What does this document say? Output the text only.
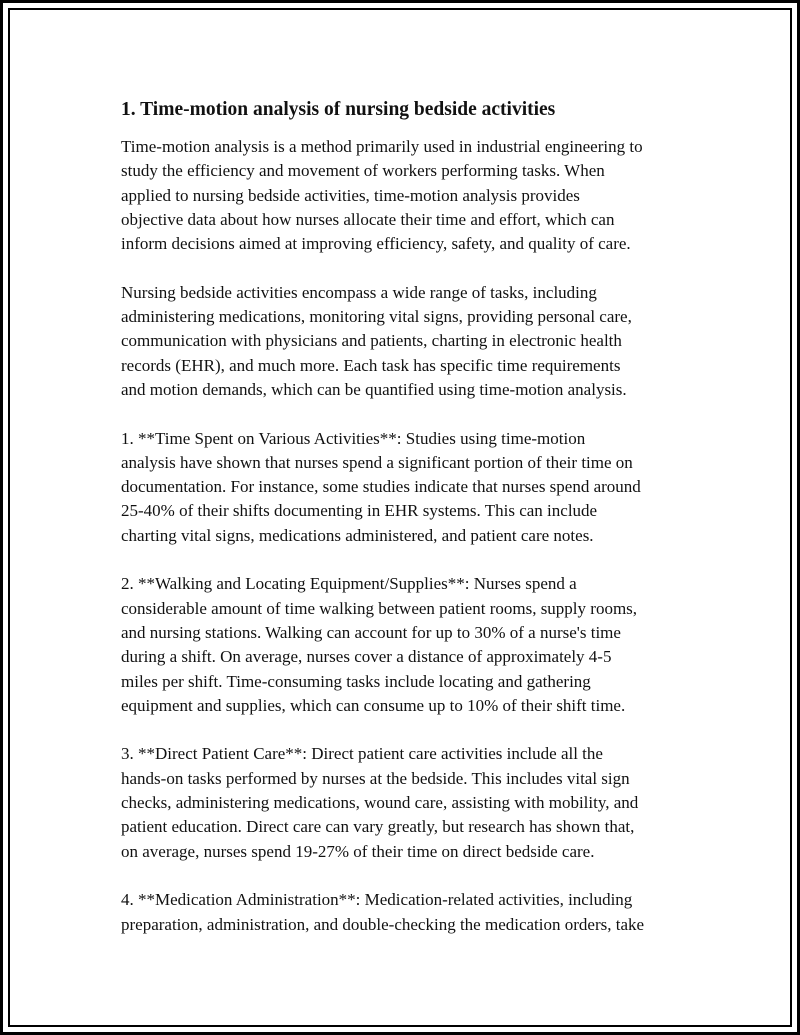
1. Time-motion analysis of nursing bedside activities

Time-motion analysis is a method primarily used in industrial engineering to
study the efficiency and movement of workers performing tasks. When
applied to nursing bedside activities, time-motion analysis provides
objective data about how nurses allocate their time and effort, which can
inform decisions aimed at improving efficiency, safety, and quality of care.

Nursing bedside activities encompass a wide range of tasks, including
administering medications, monitoring vital signs, providing personal care,
communication with physicians and patients, charting in electronic health
records (EHR), and much more. Each task has specific time requirements
and motion demands, which can be quantified using time-motion analysis.

1. **Time Spent on Various Activities**: Studies using time-motion
analysis have shown that nurses spend a significant portion of their time on
documentation. For instance, some studies indicate that nurses spend around
25-40% of their shifts documenting in EHR systems. This can include
charting vital signs, medications administered, and patient care notes.

2. **Walking and Locating Equipment/Supplies**: Nurses spend a
considerable amount of time walking between patient rooms, supply rooms,
and nursing stations. Walking can account for up to 30% of a nurse's time
during a shift. On average, nurses cover a distance of approximately 4-5
miles per shift. Time-consuming tasks include locating and gathering
equipment and supplies, which can consume up to 10% of their shift time.

3. **Direct Patient Care**: Direct patient care activities include all the
hands-on tasks performed by nurses at the bedside. This includes vital sign
checks, administering medications, wound care, assisting with mobility, and
patient education. Direct care can vary greatly, but research has shown that,
on average, nurses spend 19-27% of their time on direct bedside care.

4. **Medication Administration**: Medication-related activities, including
preparation, administration, and double-checking the medication orders, take
